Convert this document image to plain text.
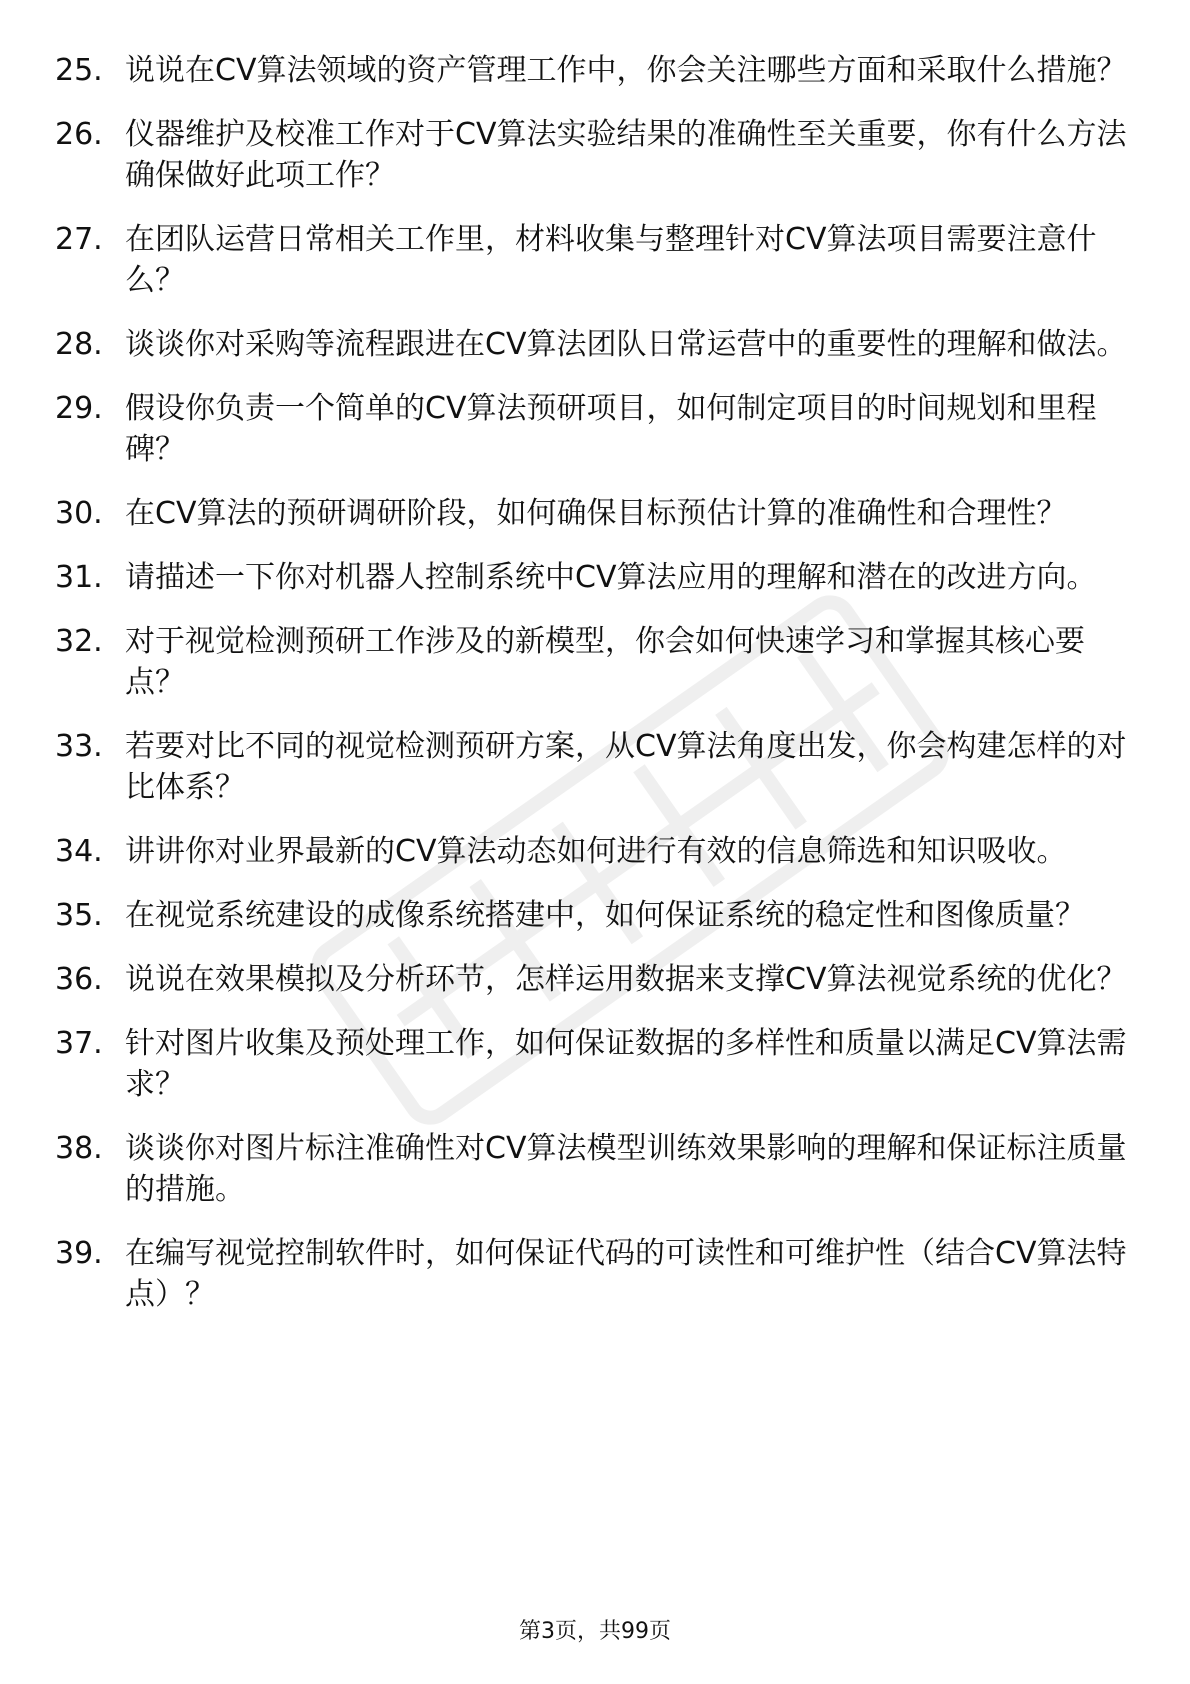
25. 说说在CV算法领域的资产管理工作中，你会关注哪些方面和采取什么措施？
26. 仪器维护及校准工作对于CV算法实验结果的准确性至关重要，你有什么方法确保做好此项工作？
27. 在团队运营日常相关工作里，材料收集与整理针对CV算法项目需要注意什么？
28. 谈谈你对采购等流程跟进在CV算法团队日常运营中的重要性的理解和做法。
29. 假设你负责一个简单的CV算法预研项目，如何制定项目的时间规划和里程碑？
30. 在CV算法的预研调研阶段，如何确保目标预估计算的准确性和合理性？
31. 请描述一下你对机器人控制系统中CV算法应用的理解和潜在的改进方向。
32. 对于视觉检测预研工作涉及的新模型，你会如何快速学习和掌握其核心要点？
33. 若要对比不同的视觉检测预研方案，从CV算法角度出发，你会构建怎样的对比体系？
34. 讲讲你对业界最新的CV算法动态如何进行有效的信息筛选和知识吸收。
35. 在视觉系统建设的成像系统搭建中，如何保证系统的稳定性和图像质量？
36. 说说在效果模拟及分析环节，怎样运用数据来支撑CV算法视觉系统的优化？
37. 针对图片收集及预处理工作，如何保证数据的多样性和质量以满足CV算法需求？
38. 谈谈你对图片标注准确性对CV算法模型训练效果影响的理解和保证标注质量的措施。
39. 在编写视觉控制软件时，如何保证代码的可读性和可维护性（结合CV算法特点）？
第3页，共99页
